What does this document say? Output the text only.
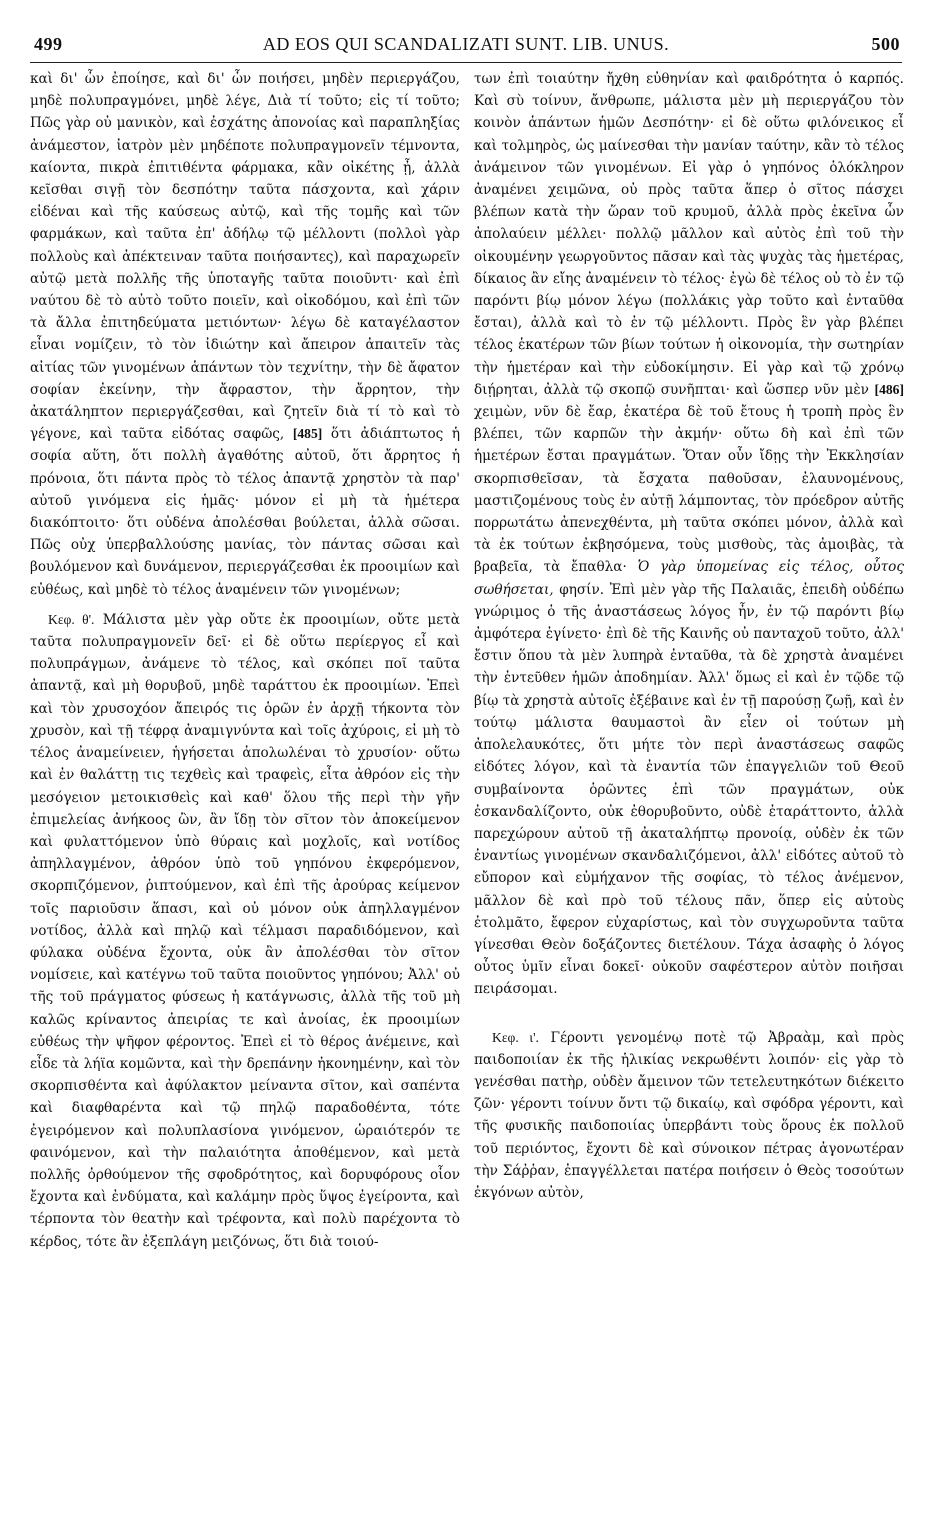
499	AD EOS QUI SCANDALIZATI SUNT. LIB. UNUS.	500

καὶ δι' ὧν ἐποίησε, καὶ δι' ὧν ποιήσει, μηδὲν περιεργάζου, μηδὲ πολυπραγμόνει, μηδὲ λέγε, Διὰ τί τοῦτο; εἰς τί τοῦτο; Πῶς γὰρ οὐ μανικὸν, καὶ ἐσχάτης ἀπονοίας καὶ παραπληξίας ἀνάμεστον, ἰατρὸν μὲν μηδέποτε πολυπραγμονεῖν τέμνοντα, καίοντα, πικρὰ ἐπιτιθέντα φάρμακα, κἂν οἰκέτης ᾖ, ἀλλὰ κεῖσθαι σιγῇ τὸν δεσπότην ταῦτα πάσχοντα, καὶ χάριν εἰδέναι καὶ τῆς καύσεως αὐτῷ, καὶ τῆς τομῆς καὶ τῶν φαρμάκων, καὶ ταῦτα ἐπ' ἀδήλῳ τῷ μέλλοντι (πολλοὶ γὰρ πολλοὺς καὶ ἀπέκτειναν ταῦτα ποιήσαντες), καὶ παραχωρεῖν αὐτῷ μετὰ πολλῆς τῆς ὑποταγῆς ταῦτα ποιοῦντι· καὶ ἐπὶ ναύτου δὲ τὸ αὐτὸ τοῦτο ποιεῖν, καὶ οἰκοδόμου, καὶ ἐπὶ τῶν τὰ ἄλλα ἐπιτηδεύματα μετιόντων· λέγω δὲ καταγέλαστον εἶναι νομίζειν, τὸ τὸν ἰδιώτην καὶ ἄπειρον ἀπαιτεῖν τὰς αἰτίας τῶν γινομένων ἁπάντων τὸν τεχνίτην, τὴν δὲ ἄφατον σοφίαν ἐκείνην, τὴν ἄφραστον, τὴν ἄρρητον, τὴν ἀκατάληπτον περιεργάζεσθαι, καὶ ζητεῖν διὰ τί τὸ καὶ τὸ γέγονε, καὶ ταῦτα εἰδότας σαφῶς, [485] ὅτι ἀδιάπτωτος ἡ σοφία αὕτη, ὅτι πολλὴ ἀγαθότης αὐτοῦ, ὅτι ἄρρητος ἡ πρόνοια, ὅτι πάντα πρὸς τὸ τέλος ἁπαντᾷ χρηστὸν τὰ παρ' αὐτοῦ γινόμενα εἰς ἡμᾶς· μόνον εἰ μὴ τὰ ἡμέτερα διακόπτοιτο· ὅτι οὐδένα ἀπολέσθαι βούλεται, ἀλλὰ σῶσαι. Πῶς οὐχ ὑπερβαλλούσης μανίας, τὸν πάντας σῶσαι καὶ βουλόμενον καὶ δυνάμενον, περιεργάζεσθαι ἐκ προοιμίων καὶ εὐθέως, καὶ μηδὲ τὸ τέλος ἀναμένειν τῶν γινομένων;

Κεφ. θ'. Μάλιστα μὲν γὰρ οὔτε ἐκ προοιμίων, οὔτε μετὰ ταῦτα πολυπραγμονεῖν δεῖ· εἰ δὲ οὕτω περίεργος εἶ καὶ πολυπράγμων, ἀνάμενε τὸ τέλος, καὶ σκόπει ποῖ ταῦτα ἀπαντᾷ, καὶ μὴ θορυβοῦ, μηδὲ ταράττου ἐκ προοιμίων. Ἐπεὶ καὶ τὸν χρυσοχόον ἄπειρός τις ὁρῶν ἐν ἀρχῇ τήκοντα τὸν χρυσὸν, καὶ τῇ τέφρᾳ ἀναμιγνύντα καὶ τοῖς ἀχύροις, εἰ μὴ τὸ τέλος ἀναμείνειεν, ἡγήσεται ἀπολωλέναι τὸ χρυσίον· οὕτω καὶ ἐν θαλάττῃ τις τεχθεὶς καὶ τραφεὶς, εἶτα ἀθρόον εἰς τὴν μεσόγειον μετοικισθεὶς καὶ καθ' ὅλου τῆς περὶ τὴν γῆν ἐπιμελείας ἀνήκοος ὢν, ἂν ἴδῃ τὸν σῖτον τὸν ἀποκείμενον καὶ φυλαττόμενον ὑπὸ θύραις καὶ μοχλοῖς, καὶ νοτίδος ἀπηλλαγμένον, ἀθρόον ὑπὸ τοῦ γηπόνου ἐκφερόμενον, σκορπιζόμενον, ῥιπτούμενον, καὶ ἐπὶ τῆς ἀρούρας κείμενον τοῖς παριοῦσιν ἅπασι, καὶ οὐ μόνον οὐκ ἀπηλλαγμένον νοτίδος, ἀλλὰ καὶ πηλῷ καὶ τέλμασι παραδιδόμενον, καὶ φύλακα οὐδένα ἔχοντα, οὐκ ἂν ἀπολέσθαι τὸν σῖτον νομίσειε, καὶ κατέγνω τοῦ ταῦτα ποιοῦντος γηπόνου; Ἀλλ' οὐ τῆς τοῦ πράγματος φύσεως ἡ κατάγνωσις, ἀλλὰ τῆς τοῦ μὴ καλῶς κρίναντος ἀπειρίας τε καὶ ἀνοίας, ἐκ προοιμίων εὐθέως τὴν ψῆφον φέροντος. Ἐπεὶ εἰ τὸ θέρος ἀνέμεινε, καὶ εἶδε τὰ λήϊα κομῶντα, καὶ τὴν δρεπάνην ἠκονημένην, καὶ τὸν σκορπισθέντα καὶ ἀφύλακτον μείναντα σῖτον, καὶ σαπέντα καὶ διαφθαρέντα καὶ τῷ πηλῷ παραδοθέντα, τότε ἐγειρόμενον καὶ πολυπλασίονα γινόμενον, ὡραιότερόν τε φαινόμενον, καὶ τὴν παλαιότητα ἀποθέμενον, καὶ μετὰ πολλῆς ὀρθούμενον τῆς σφοδρότητος, καὶ δορυφόρους οἷον ἔχοντα καὶ ἐνδύματα, καὶ καλάμην πρὸς ὕψος ἐγείροντα, καὶ τέρποντα τὸν θεατὴν καὶ τρέφοντα, καὶ πολὺ παρέχοντα τὸ κέρδος, τότε ἂν ἐξεπλάγη μειζόνως, ὅτι διὰ τοιού-

των ἐπὶ τοιαύτην ἤχθη εὐθηνίαν καὶ φαιδρότητα ὁ καρπός. Καὶ σὺ τοίνυν, ἄνθρωπε, μάλιστα μὲν μὴ περιεργάζου τὸν κοινὸν ἁπάντων ἡμῶν Δεσπότην· εἰ δὲ οὕτω φιλόνεικος εἶ καὶ τολμηρὸς, ὡς μαίνεσθαι τὴν μανίαν ταύτην, κἂν τὸ τέλος ἀνάμεινον τῶν γινομένων. Εἰ γὰρ ὁ γηπόνος ὁλόκληρον ἀναμένει χειμῶνα, οὐ πρὸς ταῦτα ἅπερ ὁ σῖτος πάσχει βλέπων κατὰ τὴν ὥραν τοῦ κρυμοῦ, ἀλλὰ πρὸς ἐκεῖνα ὧν ἀπολαύειν μέλλει· πολλῷ μᾶλλον καὶ αὐτὸς ἐπὶ τοῦ τὴν οἰκουμένην γεωργοῦντος πᾶσαν καὶ τὰς ψυχὰς τὰς ἡμετέρας, δίκαιος ἂν εἴης ἀναμένειν τὸ τέλος· ἐγὼ δὲ τέλος οὐ τὸ ἐν τῷ παρόντι βίῳ μόνον λέγω (πολλάκις γὰρ τοῦτο καὶ ἐνταῦθα ἔσται), ἀλλὰ καὶ τὸ ἐν τῷ μέλλοντι. Πρὸς ἓν γὰρ βλέπει τέλος ἑκατέρων τῶν βίων τούτων ἡ οἰκονομία, τὴν σωτηρίαν τὴν ἡμετέραν καὶ τὴν εὐδοκίμησιν. Εἰ γὰρ καὶ τῷ χρόνῳ διῄρηται, ἀλλὰ τῷ σκοπῷ συνῆπται· καὶ ὥσπερ νῦν μὲν [486] χειμὼν, νῦν δὲ ἔαρ, ἑκατέρα δὲ τοῦ ἔτους ἡ τροπὴ πρὸς ἓν βλέπει, τῶν καρπῶν τὴν ἀκμήν· οὕτω δὴ καὶ ἐπὶ τῶν ἡμετέρων ἔσται πραγμάτων. Ὅταν οὖν ἴδῃς τὴν Ἐκκλησίαν σκορπισθεῖσαν, τὰ ἔσχατα παθοῦσαν, ἐλαυνομένους, μαστιζομένους τοὺς ἐν αὐτῇ λάμποντας, τὸν πρόεδρον αὐτῆς πορρωτάτω ἀπενεχθέντα, μὴ ταῦτα σκόπει μόνον, ἀλλὰ καὶ τὰ ἐκ τούτων ἐκβησόμενα, τοὺς μισθοὺς, τὰς ἀμοιβὰς, τὰ βραβεῖα, τὰ ἔπαθλα· Ὁ γὰρ ὑπομείνας εἰς τέλος, οὗτος σωθήσεται, φησίν. Ἐπὶ μὲν γὰρ τῆς Παλαιᾶς, ἐπειδὴ οὐδέπω γνώριμος ὁ τῆς ἀναστάσεως λόγος ἦν, ἐν τῷ παρόντι βίῳ ἀμφότερα ἐγίνετο· ἐπὶ δὲ τῆς Καινῆς οὐ πανταχοῦ τοῦτο, ἀλλ' ἔστιν ὅπου τὰ μὲν λυπηρὰ ἐνταῦθα, τὰ δὲ χρηστὰ ἀναμένει τὴν ἐντεῦθεν ἡμῶν ἀποδημίαν. Ἀλλ' ὅμως εἰ καὶ ἐν τῷδε τῷ βίῳ τὰ χρηστὰ αὐτοῖς ἐξέβαινε καὶ ἐν τῇ παρούσῃ ζωῇ, καὶ ἐν τούτῳ μάλιστα θαυμαστοὶ ἂν εἶεν οἱ τούτων μὴ ἀπολελαυκότες, ὅτι μήτε τὸν περὶ ἀναστάσεως σαφῶς εἰδότες λόγον, καὶ τὰ ἐναντία τῶν ἐπαγγελιῶν τοῦ Θεοῦ συμβαίνοντα ὁρῶντες ἐπὶ τῶν πραγμάτων, οὐκ ἐσκανδαλίζοντο, οὐκ ἐθορυβοῦντο, οὐδὲ ἐταράττοντο, ἀλλὰ παρεχώρουν αὐτοῦ τῇ ἀκαταλήπτῳ προνοίᾳ, οὐδὲν ἐκ τῶν ἐναντίως γινομένων σκανδαλιζόμενοι, ἀλλ' εἰδότες αὐτοῦ τὸ εὔπορον καὶ εὐμήχανον τῆς σοφίας, τὸ τέλος ἀνέμενον, μᾶλλον δὲ καὶ πρὸ τοῦ τέλους πᾶν, ὅπερ εἰς αὐτοὺς ἐτολμᾶτο, ἔφερον εὐχαρίστως, καὶ τὸν συγχωροῦντα ταῦτα γίνεσθαι Θεὸν δοξάζοντες διετέλουν. Τάχα ἀσαφὴς ὁ λόγος οὗτος ὑμῖν εἶναι δοκεῖ· οὐκοῦν σαφέστερον αὐτὸν ποιῆσαι πειράσομαι.

Κεφ. ι'. Γέροντι γενομένῳ ποτὲ τῷ Ἀβραὰμ, καὶ πρὸς παιδοποιίαν ἐκ τῆς ἡλικίας νεκρωθέντι λοιπόν· εἰς γὰρ τὸ γενέσθαι πατὴρ, οὐδὲν ἄμεινον τῶν τετελευτηκότων διέκειτο ζῶν· γέροντι τοίνυν ὄντι τῷ δικαίῳ, καὶ σφόδρα γέροντι, καὶ τῆς φυσικῆς παιδοποιίας ὑπερβάντι τοὺς ὅρους ἐκ πολλοῦ τοῦ περιόντος, ἔχοντι δὲ καὶ σύνοικον πέτρας ἀγονωτέραν τὴν Σάῤῥαν, ἐπαγγέλλεται πατέρα ποιήσειν ὁ Θεὸς τοσούτων ἐκγόνων αὐτὸν,
